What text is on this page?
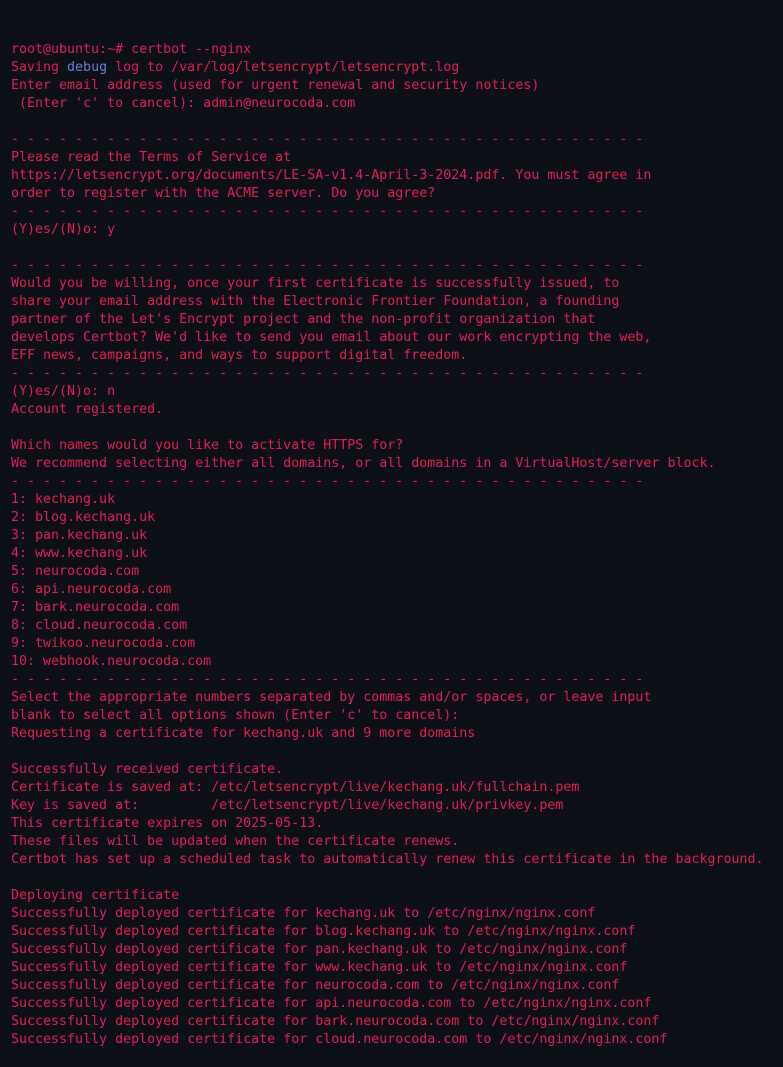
root@ubuntu:~# certbot --nginx
Saving debug log to /var/log/letsencrypt/letsencrypt.log
Enter email address (used for urgent renewal and security notices)
(Enter 'c' to cancel): admin@neurocoda.com
- - - - - - - - - - - - - - - - - - - - - - - - - - - - - - - - - - - - - - - -
Please read the Terms of Service at
https://letsencrypt.org/documents/LE-SA-v1.4-April-3-2024.pdf. You must agree in
order to register with the ACME server. Do you agree?
- - - - - - - - - - - - - - - - - - - - - - - - - - - - - - - - - - - - - - - -
(Y)es/(N)o: y
- - - - - - - - - - - - - - - - - - - - - - - - - - - - - - - - - - - - - - - -
Would you be willing, once your first certificate is successfully issued, to
share your email address with the Electronic Frontier Foundation, a founding
partner of the Let's Encrypt project and the non-profit organization that
develops Certbot? We'd like to send you email about our work encrypting the web,
EFF news, campaigns, and ways to support digital freedom.
- - - - - - - - - - - - - - - - - - - - - - - - - - - - - - - - - - - - - - - -
(Y)es/(N)o: n
Account registered.
Which names would you like to activate HTTPS for?
We recommend selecting either all domains, or all domains in a VirtualHost/server block.
- - - - - - - - - - - - - - - - - - - - - - - - - - - - - - - - - - - - - - - -
1: kechang.uk
2: blog.kechang.uk
3: pan.kechang.uk
4: www.kechang.uk
5: neurocoda.com
6: api.neurocoda.com
7: bark.neurocoda.com
8: cloud.neurocoda.com
9: twikoo.neurocoda.com
10: webhook.neurocoda.com
- - - - - - - - - - - - - - - - - - - - - - - - - - - - - - - - - - - - - - - -
Select the appropriate numbers separated by commas and/or spaces, or leave input
blank to select all options shown (Enter 'c' to cancel):
Requesting a certificate for kechang.uk and 9 more domains
Successfully received certificate.
Certificate is saved at: /etc/letsencrypt/live/kechang.uk/fullchain.pem
Key is saved at:         /etc/letsencrypt/live/kechang.uk/privkey.pem
This certificate expires on 2025-05-13.
These files will be updated when the certificate renews.
Certbot has set up a scheduled task to automatically renew this certificate in the background.
Deploying certificate
Successfully deployed certificate for kechang.uk to /etc/nginx/nginx.conf
Successfully deployed certificate for blog.kechang.uk to /etc/nginx/nginx.conf
Successfully deployed certificate for pan.kechang.uk to /etc/nginx/nginx.conf
Successfully deployed certificate for www.kechang.uk to /etc/nginx/nginx.conf
Successfully deployed certificate for neurocoda.com to /etc/nginx/nginx.conf
Successfully deployed certificate for api.neurocoda.com to /etc/nginx/nginx.conf
Successfully deployed certificate for bark.neurocoda.com to /etc/nginx/nginx.conf
Successfully deployed certificate for cloud.neurocoda.com to /etc/nginx/nginx.conf
